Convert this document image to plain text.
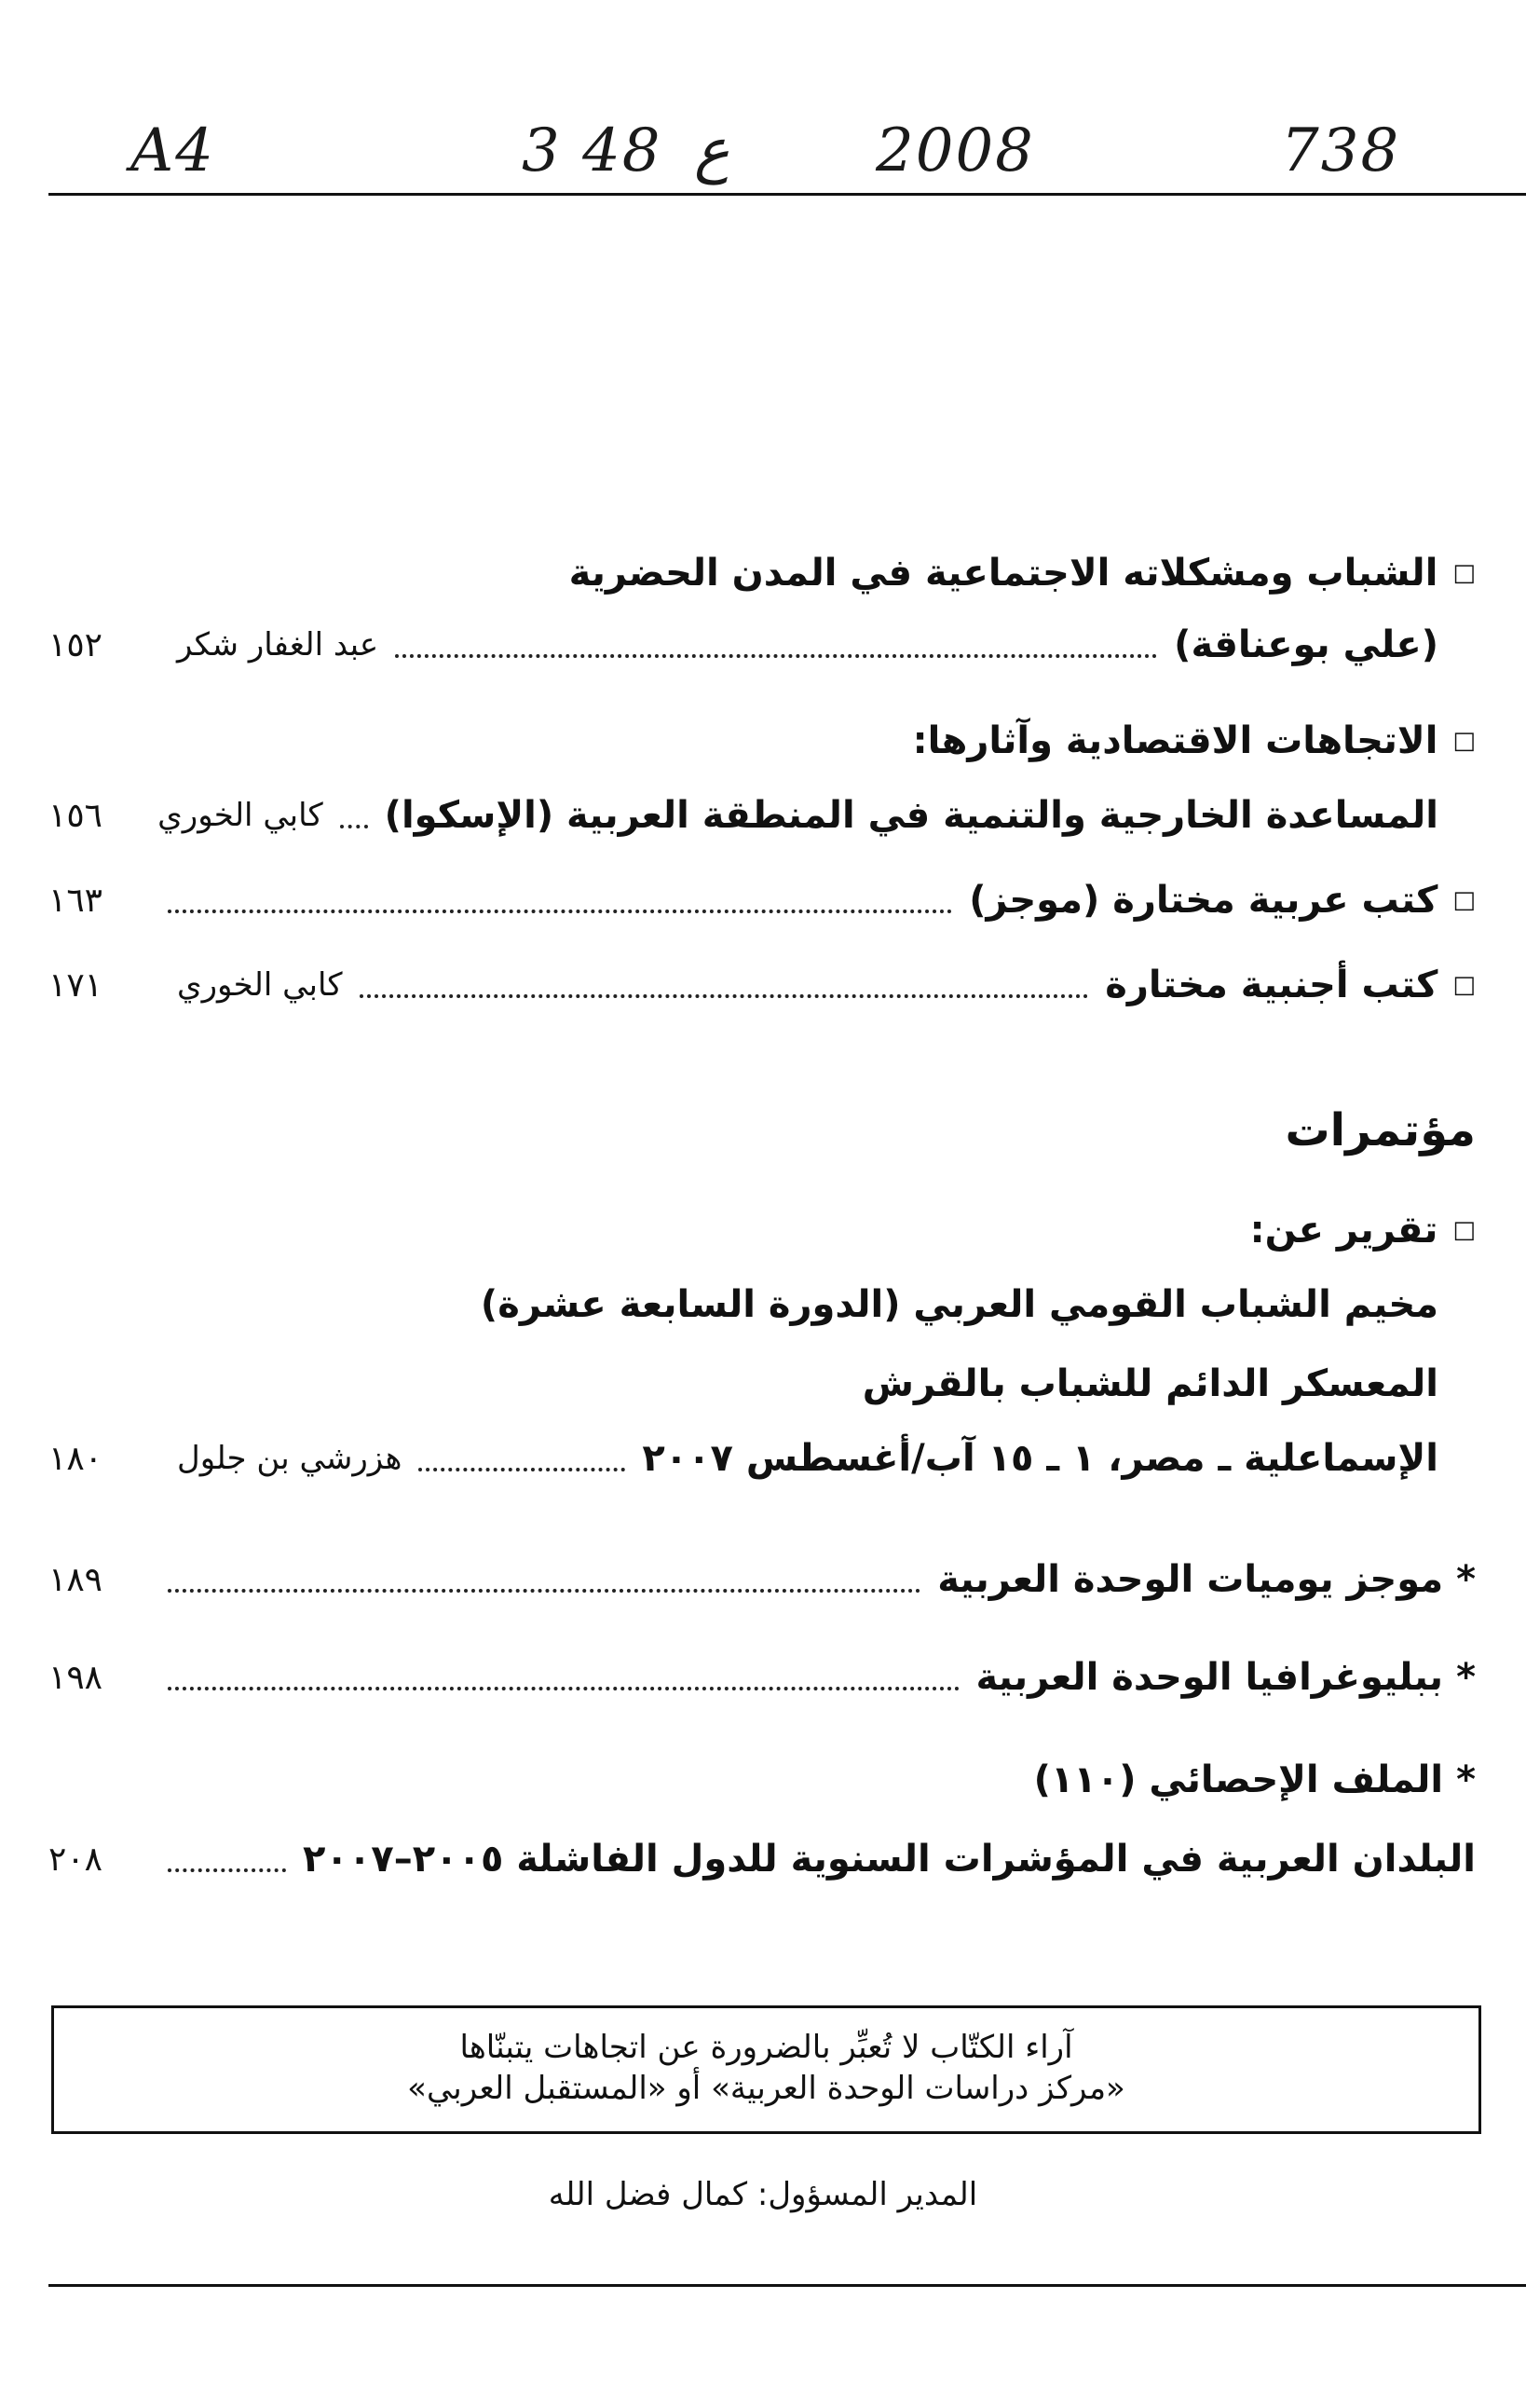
A4	3 48 ع 2008	738
□
الشباب ومشكلاته الاجتماعية في المدن الحضرية
(علي بوعناقة)
عبد الغفار شكر
١٥٢
□
الاتجاهات الاقتصادية وآثارها:
المساعدة الخارجية والتنمية في المنطقة العربية (الإسكوا)
كابي الخوري
١٥٦
□
كتب عربية مختارة (موجز)
١٦٣
□
كتب أجنبية مختارة
كابي الخوري
١٧١
مؤتمرات
□
تقرير عن:
مخيم الشباب القومي العربي (الدورة السابعة عشرة)
المعسكر الدائم للشباب بالقرش
الإسماعلية ـ مصر، ١ ـ ١٥ آب/أغسطس ٢٠٠٧
هزرشي بن جلول
١٨٠
*
موجز يوميات الوحدة العربية
١٨٩
*
ببليوغرافيا الوحدة العربية
١٩٨
*
الملف الإحصائي (١١٠)
البلدان العربية في المؤشرات السنوية للدول الفاشلة ٢٠٠٥–٢٠٠٧
٢٠٨
آراء الكتّاب لا تُعبِّر بالضرورة عن اتجاهات يتبنّاها
«مركز دراسات الوحدة العربية» أو «المستقبل العربي»
المدير المسؤول: كمال فضل الله
